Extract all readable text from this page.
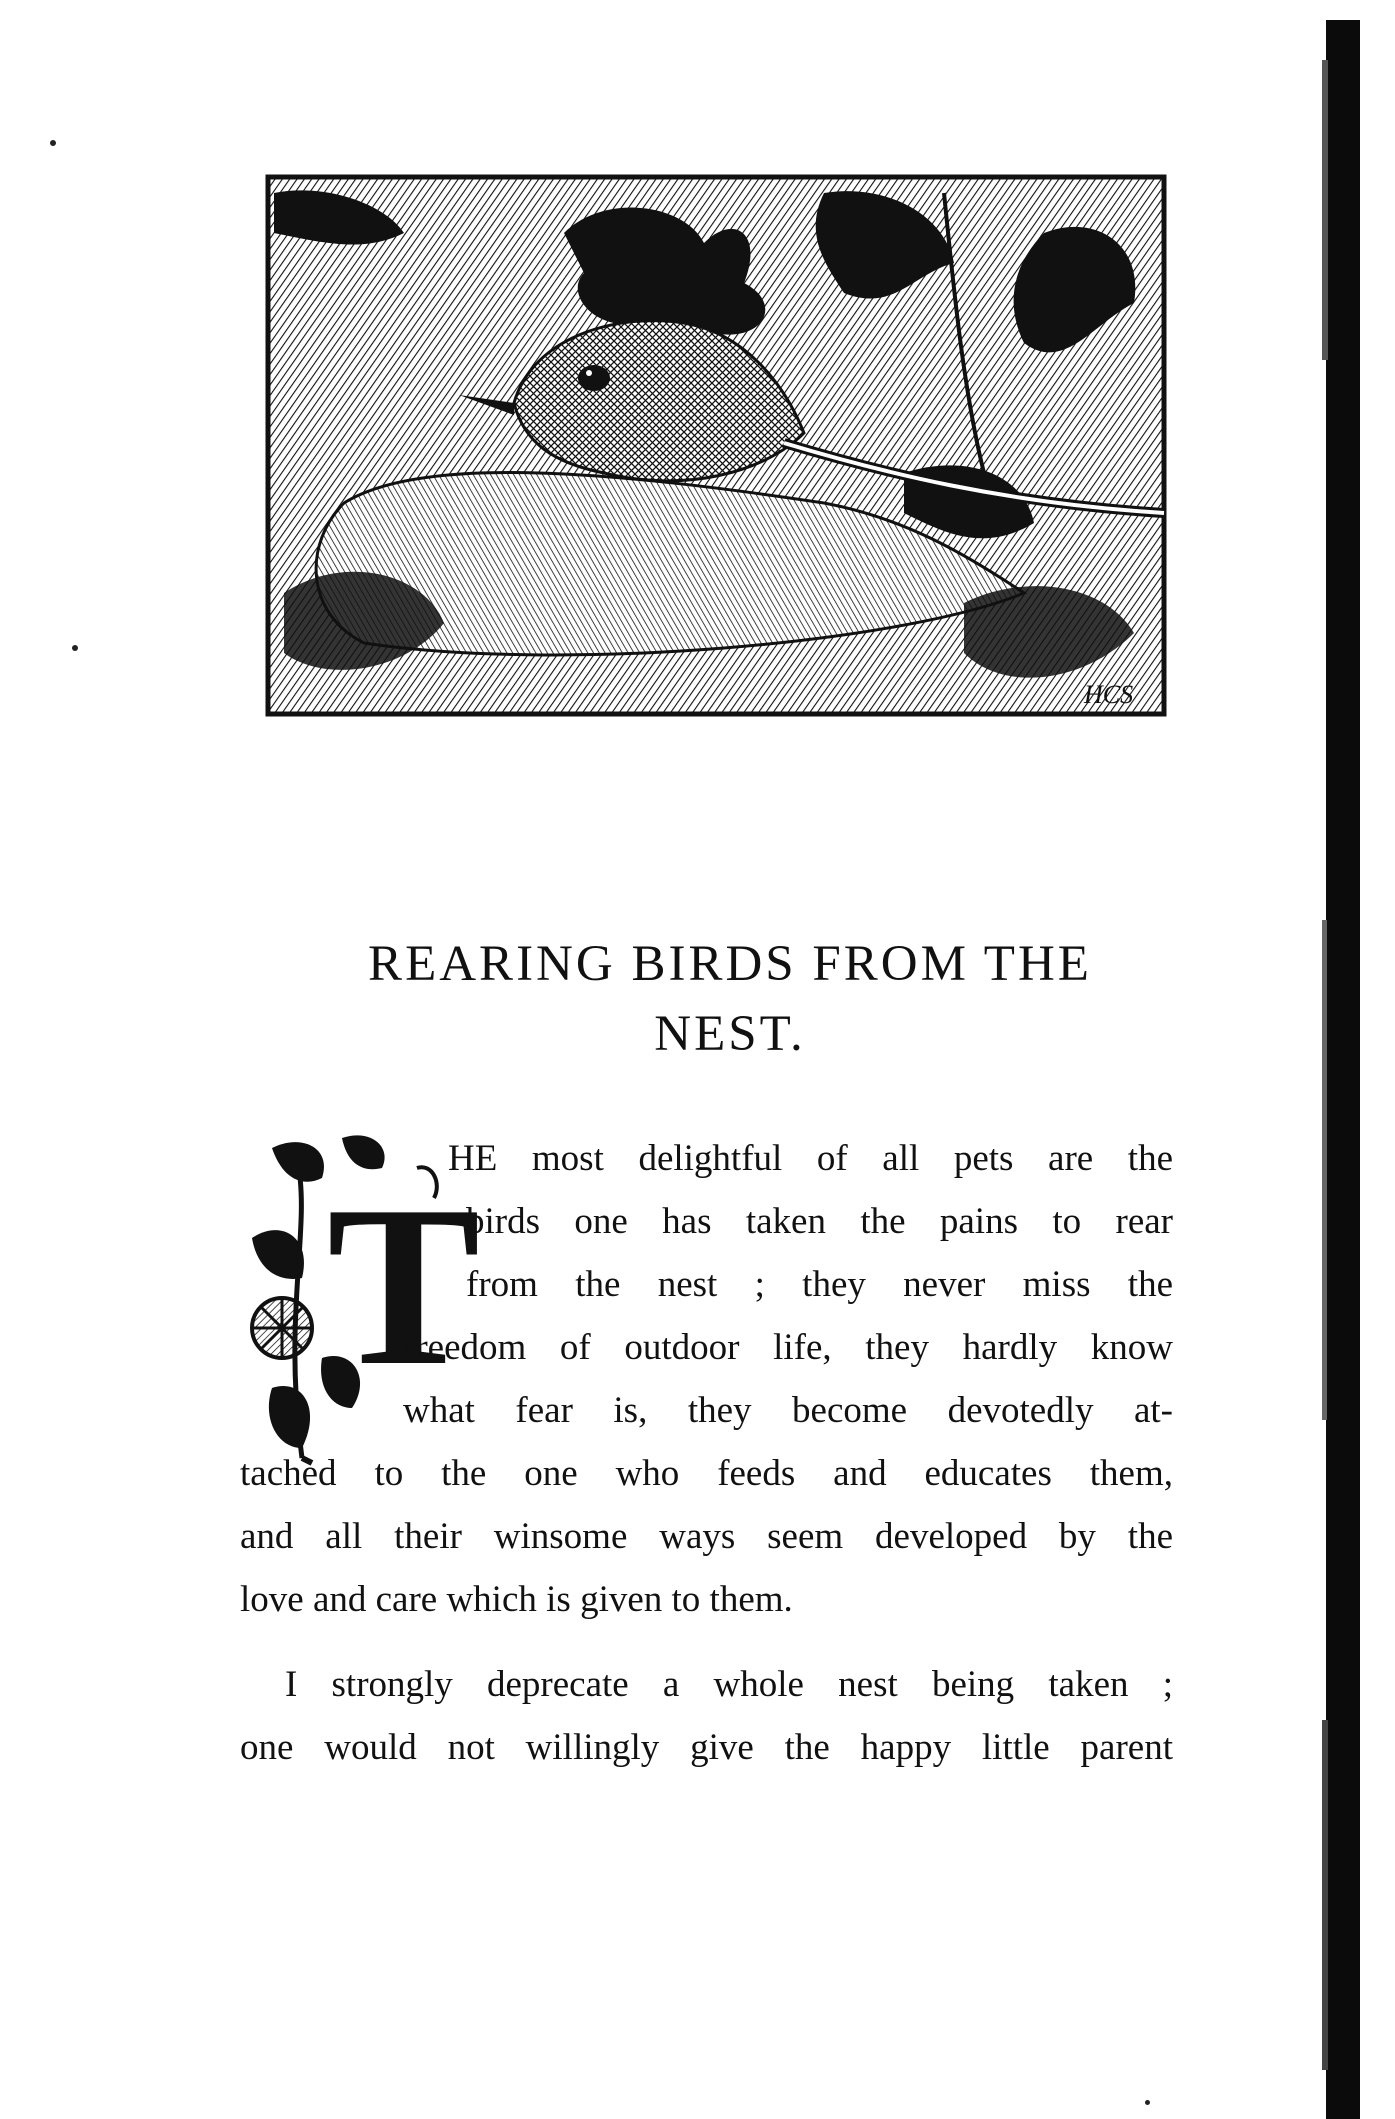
HCS
REARING BIRDS FROM THE
NEST.
T
HE most delightful of all pets are the
birds one has taken the pains to rear
from the nest ; they never miss the
freedom of outdoor life, they hardly know
what fear is, they become devotedly at-
tached to the one who feeds and educates them,
and all their winsome ways seem developed by the
love and care which is given to them.
I strongly deprecate a whole nest being taken ;
one would not willingly give the happy little parent
